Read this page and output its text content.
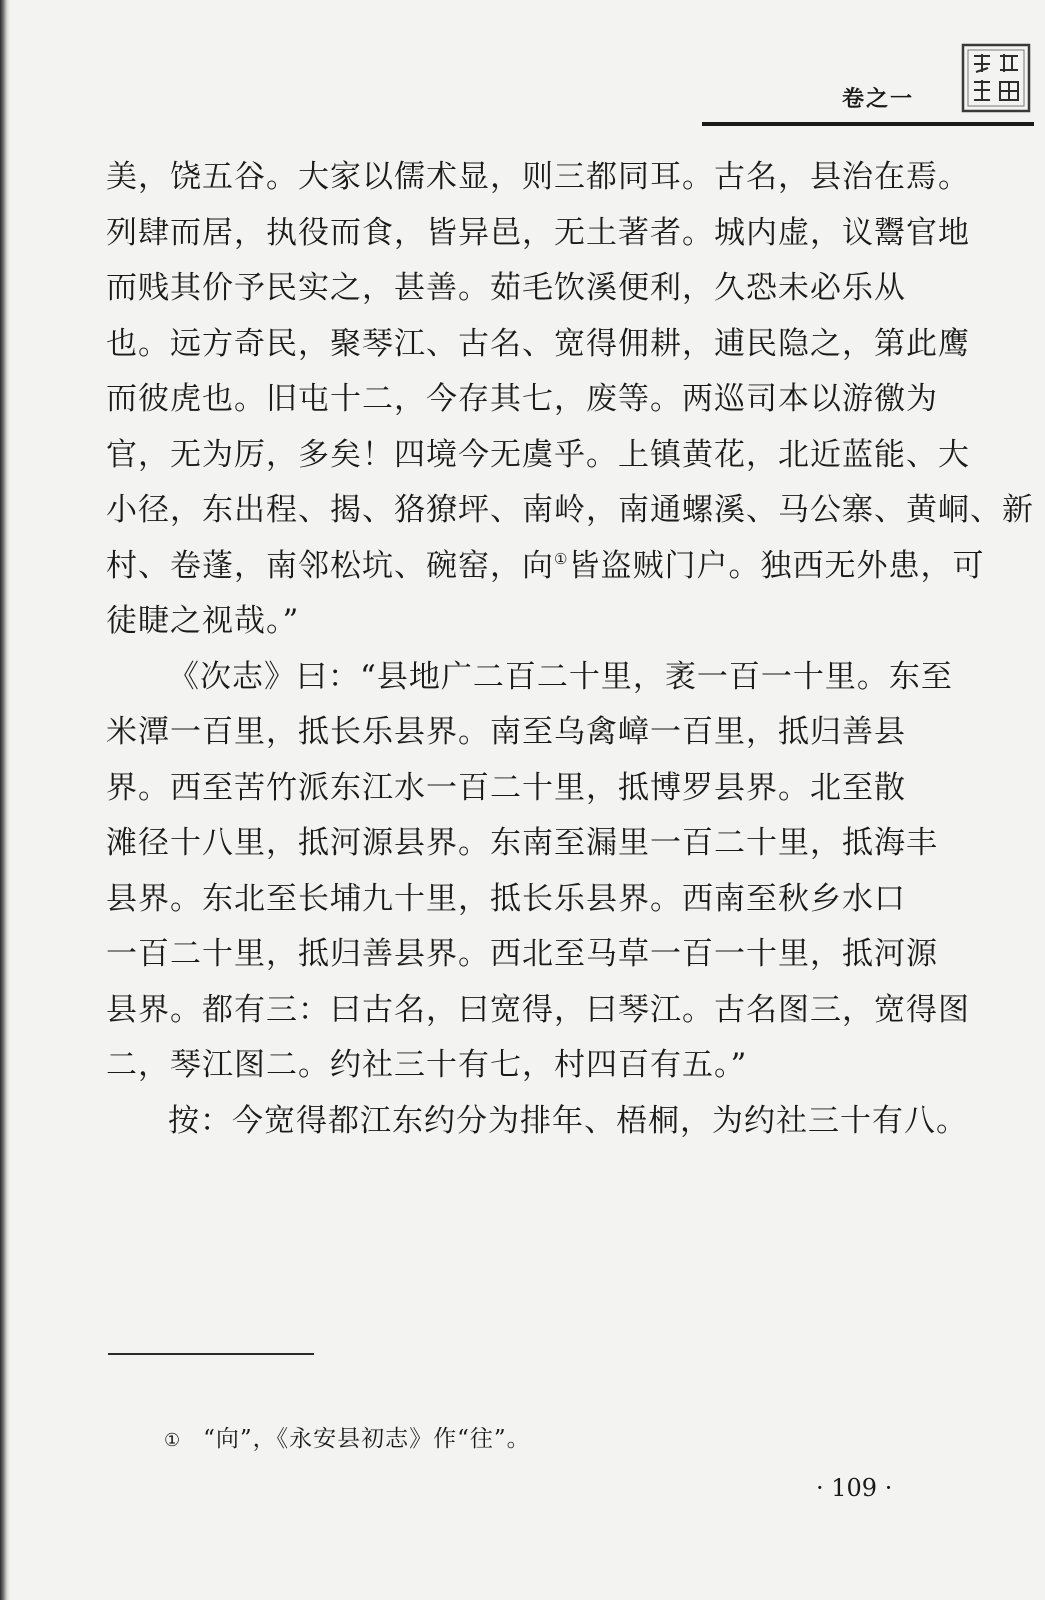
卷之一
美，饶五谷。大家以儒术显，则三都同耳。古名，县治在焉。
列肆而居，执役而食，皆异邑，无土著者。城内虚，议鬻官地
而贱其价予民实之，甚善。茹毛饮溪便利，久恐未必乐从
也。远方奇民，聚琴江、古名、宽得佣耕，逋民隐之，第此鹰
而彼虎也。旧屯十二，今存其七，废等。两巡司本以游徼为
官，无为厉，多矣！四境今无虞乎。上镇黄花，北近蓝能、大
小径，东出程、揭、狢獠坪、南岭，南通螺溪、马公寨、黄峒、新
村、卷蓬，南邻松坑、碗窑，向①皆盗贼门户。独西无外患，可
徒睫之视哉。”
《次志》曰：“县地广二百二十里，袤一百一十里。东至
米潭一百里，抵长乐县界。南至乌禽嶂一百里，抵归善县
界。西至苦竹派东江水一百二十里，抵博罗县界。北至散
滩径十八里，抵河源县界。东南至漏里一百二十里，抵海丰
县界。东北至长埔九十里，抵长乐县界。西南至秋乡水口
一百二十里，抵归善县界。西北至马草一百一十里，抵河源
县界。都有三：曰古名，曰宽得，曰琴江。古名图三，宽得图
二，琴江图二。约社三十有七，村四百有五。”
按：今宽得都江东约分为排年、梧桐，为约社三十有八。
① “向”，《永安县初志》作“往”。
· 109 ·
